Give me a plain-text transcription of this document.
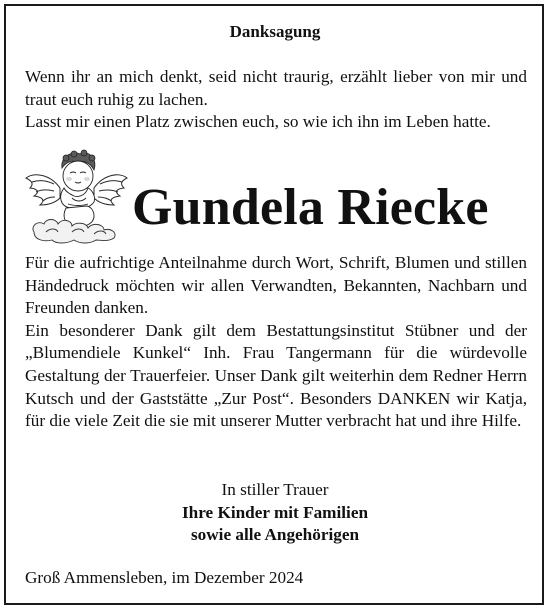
Danksagung

Wenn ihr an mich denkt, seid nicht traurig, erzählt lieber von mir und traut euch ruhig zu lachen.

Lasst mir einen Platz zwischen euch, so wie ich ihn im Leben hatte.

Gundela Riecke

Für die aufrichtige Anteilnahme durch Wort, Schrift, Blumen und stillen Händedruck möchten wir allen Verwandten, Bekannten, Nachbarn und Freunden danken.

Ein besonderer Dank gilt dem Bestattungsinstitut Stübner und der „Blumendiele Kunkel“ Inh. Frau Tangermann für die würdevolle Gestaltung der Trauerfeier. Unser Dank gilt weiterhin dem Redner Herrn Kutsch und der Gaststätte „Zur Post“. Besonders DANKEN wir Katja, für die viele Zeit die sie mit unserer Mutter verbracht hat und ihre Hilfe.

In stiller Trauer
Ihre Kinder mit Familien
sowie alle Angehörigen
Groß Ammensleben, im Dezember 2024
